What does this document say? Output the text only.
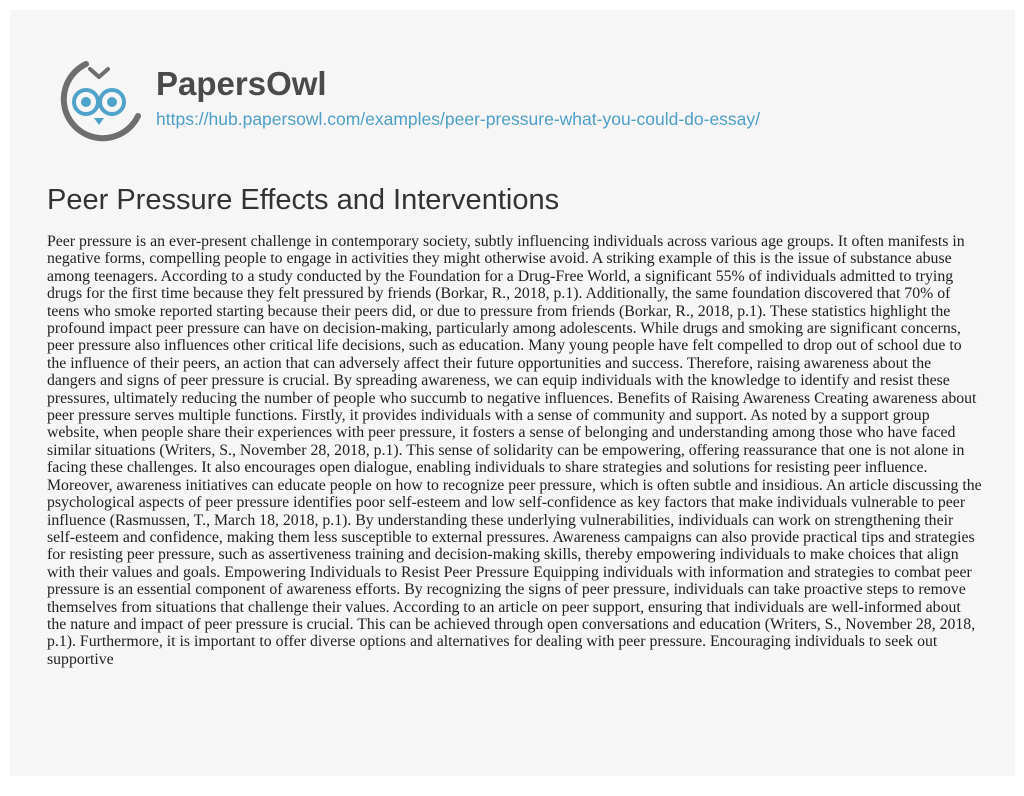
PapersOwl
https://hub.papersowl.com/examples/peer-pressure-what-you-could-do-essay/
Peer Pressure Effects and Interventions

Peer pressure is an ever-present challenge in contemporary society, subtly influencing individuals across various age groups. It often manifests in negative forms, compelling people to engage in activities they might otherwise avoid. A striking example of this is the issue of substance abuse among teenagers. According to a study conducted by the Foundation for a Drug-Free World, a significant 55% of individuals admitted to trying drugs for the first time because they felt pressured by friends (Borkar, R., 2018, p.1). Additionally, the same foundation discovered that 70% of teens who smoke reported starting because their peers did, or due to pressure from friends (Borkar, R., 2018, p.1). These statistics highlight the profound impact peer pressure can have on decision-making, particularly among adolescents. While drugs and smoking are significant concerns, peer pressure also influences other critical life decisions, such as education. Many young people have felt compelled to drop out of school due to the influence of their peers, an action that can adversely affect their future opportunities and success. Therefore, raising awareness about the dangers and signs of peer pressure is crucial. By spreading awareness, we can equip individuals with the knowledge to identify and resist these pressures, ultimately reducing the number of people who succumb to negative influences. Benefits of Raising Awareness Creating awareness about peer pressure serves multiple functions. Firstly, it provides individuals with a sense of community and support. As noted by a support group website, when people share their experiences with peer pressure, it fosters a sense of belonging and understanding among those who have faced similar situations (Writers, S., November 28, 2018, p.1). This sense of solidarity can be empowering, offering reassurance that one is not alone in facing these challenges. It also encourages open dialogue, enabling individuals to share strategies and solutions for resisting peer influence. Moreover, awareness initiatives can educate people on how to recognize peer pressure, which is often subtle and insidious. An article discussing the psychological aspects of peer pressure identifies poor self-esteem and low self-confidence as key factors that make individuals vulnerable to peer influence (Rasmussen, T., March 18, 2018, p.1). By understanding these underlying vulnerabilities, individuals can work on strengthening their self-esteem and confidence, making them less susceptible to external pressures. Awareness campaigns can also provide practical tips and strategies for resisting peer pressure, such as assertiveness training and decision-making skills, thereby empowering individuals to make choices that align with their values and goals. Empowering Individuals to Resist Peer Pressure Equipping individuals with information and strategies to combat peer pressure is an essential component of awareness efforts. By recognizing the signs of peer pressure, individuals can take proactive steps to remove themselves from situations that challenge their values. According to an article on peer support, ensuring that individuals are well-informed about the nature and impact of peer pressure is crucial. This can be achieved through open conversations and education (Writers, S., November 28, 2018, p.1). Furthermore, it is important to offer diverse options and alternatives for dealing with peer pressure. Encouraging individuals to seek out supportive
